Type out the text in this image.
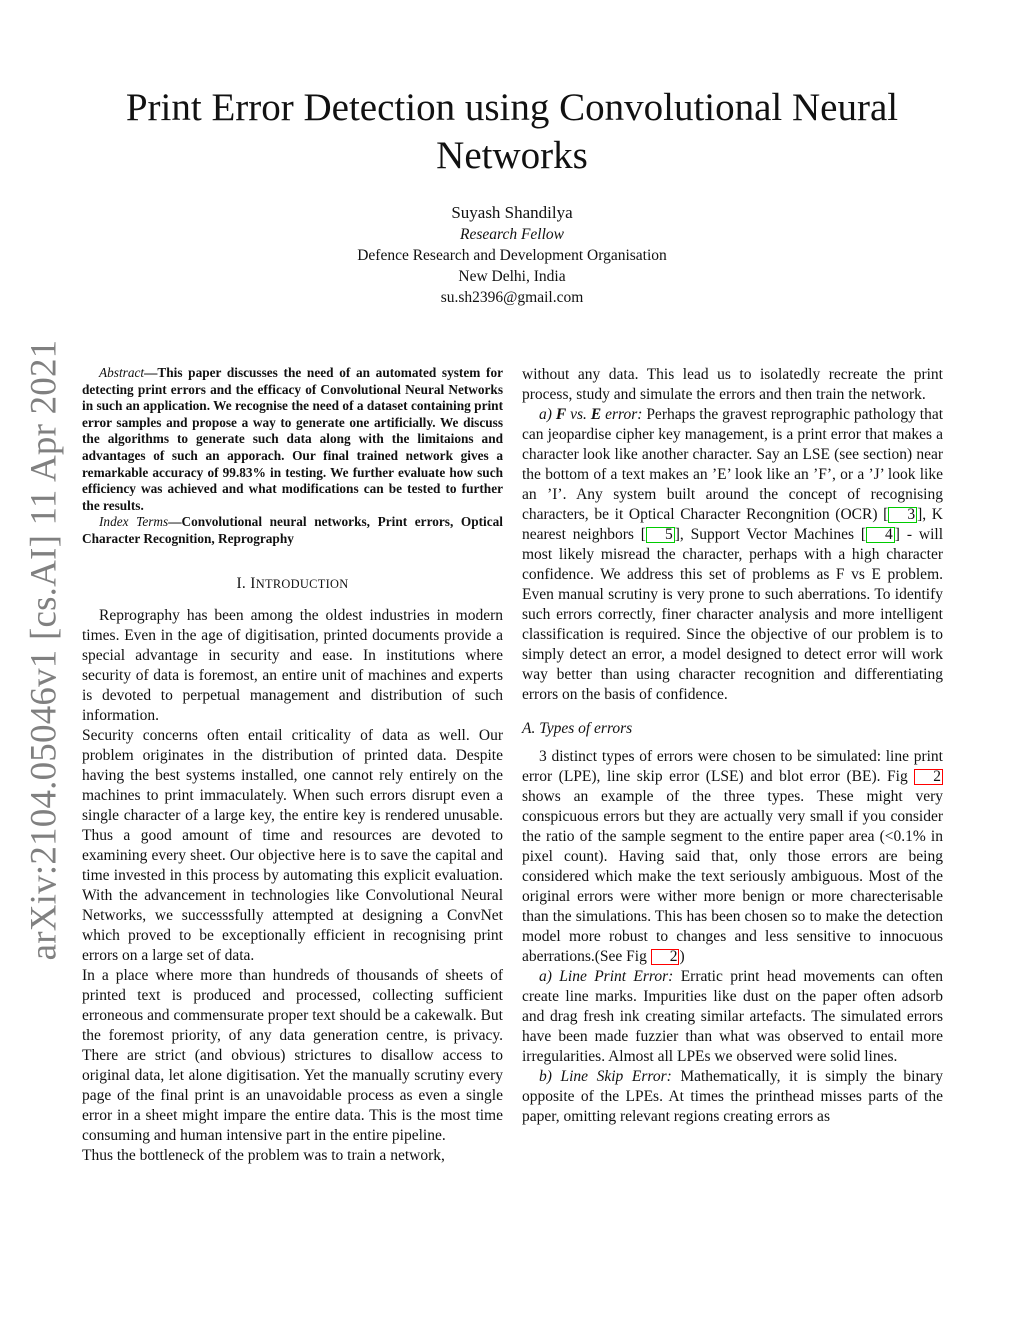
arXiv:2104.05046v1 [cs.AI] 11 Apr 2021
Print Error Detection using Convolutional Neural Networks
Suyash Shandilya
Research Fellow
Defence Research and Development Organisation
New Delhi, India
su.sh2396@gmail.com

Abstract—This paper discusses the need of an automated system for detecting print errors and the efficacy of Convolutional Neural Networks in such an application. We recognise the need of a dataset containing print error samples and propose a way to generate one artificially. We discuss the algorithms to generate such data along with the limitaions and advantages of such an apporach. Our final trained network gives a remarkable accuracy of 99.83% in testing. We further evaluate how such efficiency was achieved and what modifications can be tested to further the results.

Index Terms—Convolutional neural networks, Print errors, Optical Character Recognition, Reprography

I. INTRODUCTION

Reprography has been among the oldest industries in modern times. Even in the age of digitisation, printed documents provide a special advantage in security and ease. In institutions where security of data is foremost, an entire unit of machines and experts is devoted to perpetual management and distribution of such information.

Security concerns often entail criticality of data as well. Our problem originates in the distribution of printed data. Despite having the best systems installed, one cannot rely entirely on the machines to print immaculately. When such errors disrupt even a single character of a large key, the entire key is rendered unusable. Thus a good amount of time and resources are devoted to examining every sheet. Our objective here is to save the capital and time invested in this process by automating this explicit evaluation. With the advancement in technologies like Convolutional Neural Networks, we successsfully attempted at designing a ConvNet which proved to be exceptionally efficient in recognising print errors on a large set of data.

In a place where more than hundreds of thousands of sheets of printed text is produced and processed, collecting sufficient erroneous and commensurate proper text should be a cakewalk. But the foremost priority, of any data generation centre, is privacy. There are strict (and obvious) strictures to disallow access to original data, let alone digitisation. Yet the manually scrutiny every page of the final print is an unavoidable process as even a single error in a sheet might impare the entire data. This is the most time consuming and human intensive part in the entire pipeline.

Thus the bottleneck of the problem was to train a network,

without any data. This lead us to isolatedly recreate the print process, study and simulate the errors and then train the network.

a) F vs. E error: Perhaps the gravest reprographic pathology that can jeopardise cipher key management, is a print error that makes a character look like another character. Say an LSE (see section) near the bottom of a text makes an ’E’ look like an ’F’, or a ’J’ look like an ’I’. Any system built around the concept of recognising characters, be it Optical Character Recongnition (OCR) [ 3 ], K nearest neighbors [ 5 ], Support Vector Machines [ 4 ] - will most likely misread the character, perhaps with a high character confidence. We address this set of problems as F vs E problem. Even manual scrutiny is very prone to such aberrations. To identify such errors correctly, finer character analysis and more intelligent classification is required. Since the objective of our problem is to simply detect an error, a model designed to detect error will work way better than using character recognition and differentiating errors on the basis of confidence.

A. Types of errors

3 distinct types of errors were chosen to be simulated: line print error (LPE), line skip error (LSE) and blot error (BE). Fig 2 shows an example of the three types. These might very conspicuous errors but they are actually very small if you consider the ratio of the sample segment to the entire paper area (<0.1% in pixel count). Having said that, only those errors are being considered which make the text seriously ambiguous. Most of the original errors were wither more benign or more charecterisable than the simulations. This has been chosen so to make the detection model more robust to changes and less sensitive to innocuous aberrations.(See Fig 2 )

a) Line Print Error: Erratic print head movements can often create line marks. Impurities like dust on the paper often adsorb and drag fresh ink creating similar artefacts. The simulated errors have been made fuzzier than what was observed to entail more irregularities. Almost all LPEs we observed were solid lines.

b) Line Skip Error: Mathematically, it is simply the binary opposite of the LPEs. At times the printhead misses parts of the paper, omitting relevant regions creating errors as
